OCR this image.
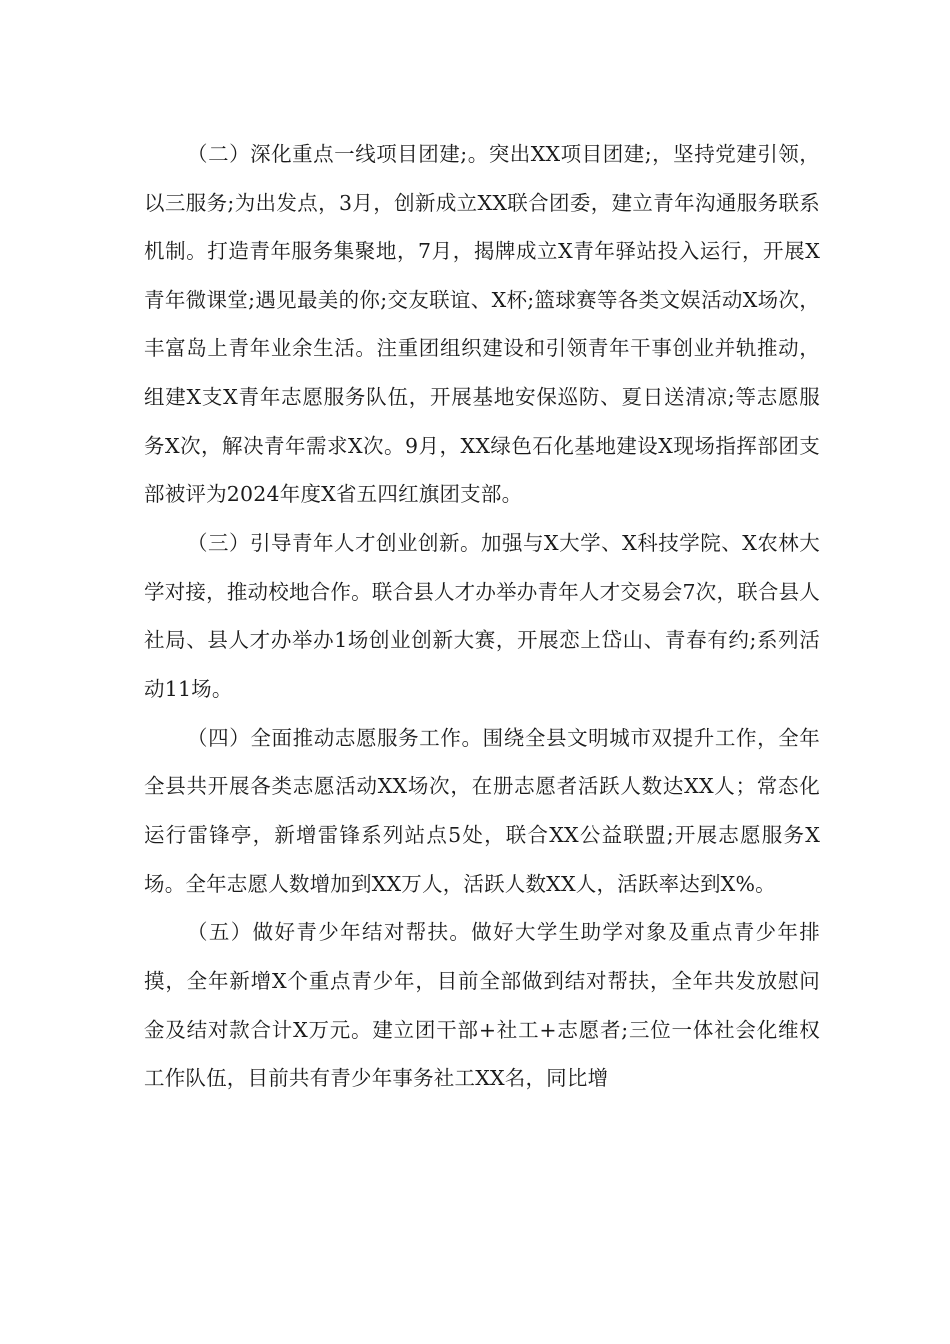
（二）深化重点一线项目团建;。突出XX项目团建;，坚持党建引领，以三服务;为出发点，3月，创新成立XX联合团委，建立青年沟通服务联系机制。打造青年服务集聚地，7月，揭牌成立X青年驿站投入运行，开展X青年微课堂;遇见最美的你;交友联谊、X杯;篮球赛等各类文娱活动X场次，丰富岛上青年业余生活。注重团组织建设和引领青年干事创业并轨推动，组建X支X青年志愿服务队伍，开展基地安保巡防、夏日送清凉;等志愿服务X次，解决青年需求X次。9月，XX绿色石化基地建设X现场指挥部团支部被评为2024年度X省五四红旗团支部。

（三）引导青年人才创业创新。加强与X大学、X科技学院、X农林大学对接，推动校地合作。联合县人才办举办青年人才交易会7次，联合县人社局、县人才办举办1场创业创新大赛，开展恋上岱山、青春有约;系列活动11场。

（四）全面推动志愿服务工作。围绕全县文明城市双提升工作，全年全县共开展各类志愿活动XX场次，在册志愿者活跃人数达XX人；常态化运行雷锋亭，新增雷锋系列站点5处，联合XX公益联盟;开展志愿服务X场。全年志愿人数增加到XX万人，活跃人数XX人，活跃率达到X%。

（五）做好青少年结对帮扶。做好大学生助学对象及重点青少年排摸，全年新增X个重点青少年，目前全部做到结对帮扶，全年共发放慰问金及结对款合计X万元。建立团干部+社工+志愿者;三位一体社会化维权工作队伍，目前共有青少年事务社工XX名，同比增
